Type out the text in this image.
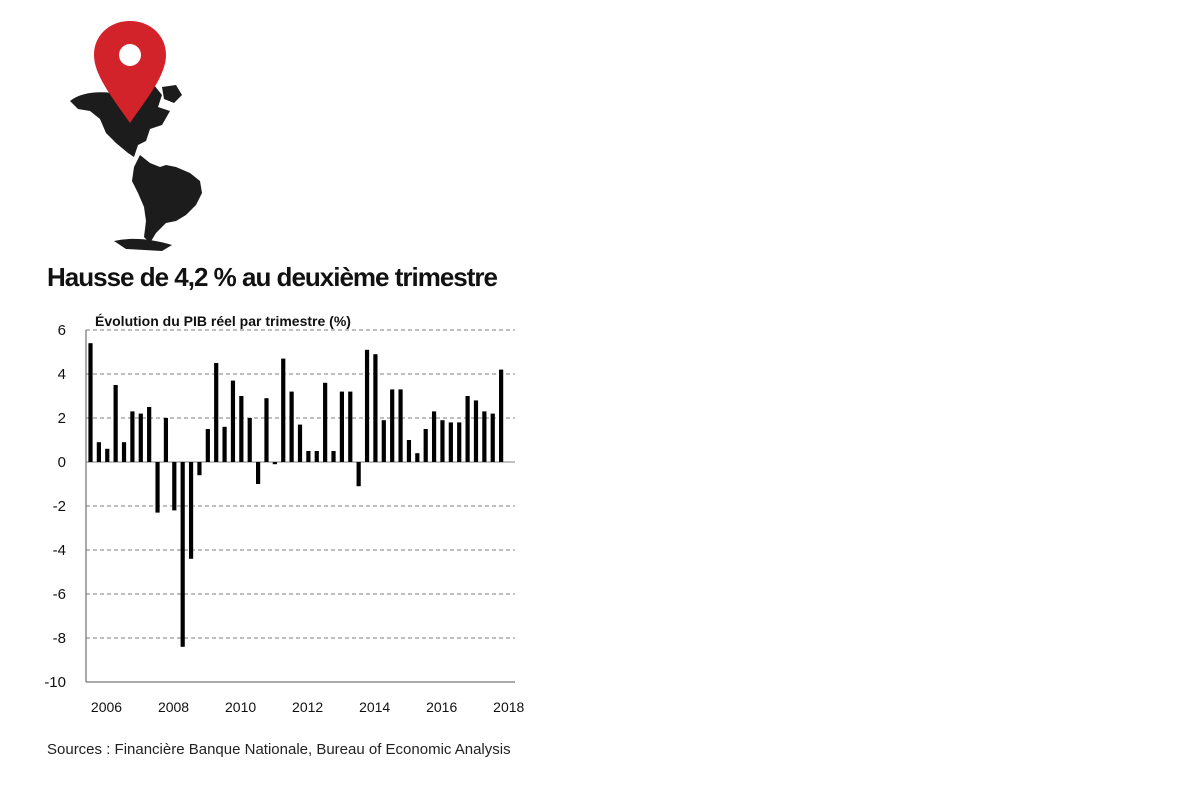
Hausse de 4,2 % au deuxième trimestre
Évolution du PIB réel par trimestre (%)
6
4
2
0
-2
-4
-6
-8
-10
2006	2008	2010	2012	2014	2016	2018
Sources : Financière Banque Nationale, Bureau of Economic Analysis
